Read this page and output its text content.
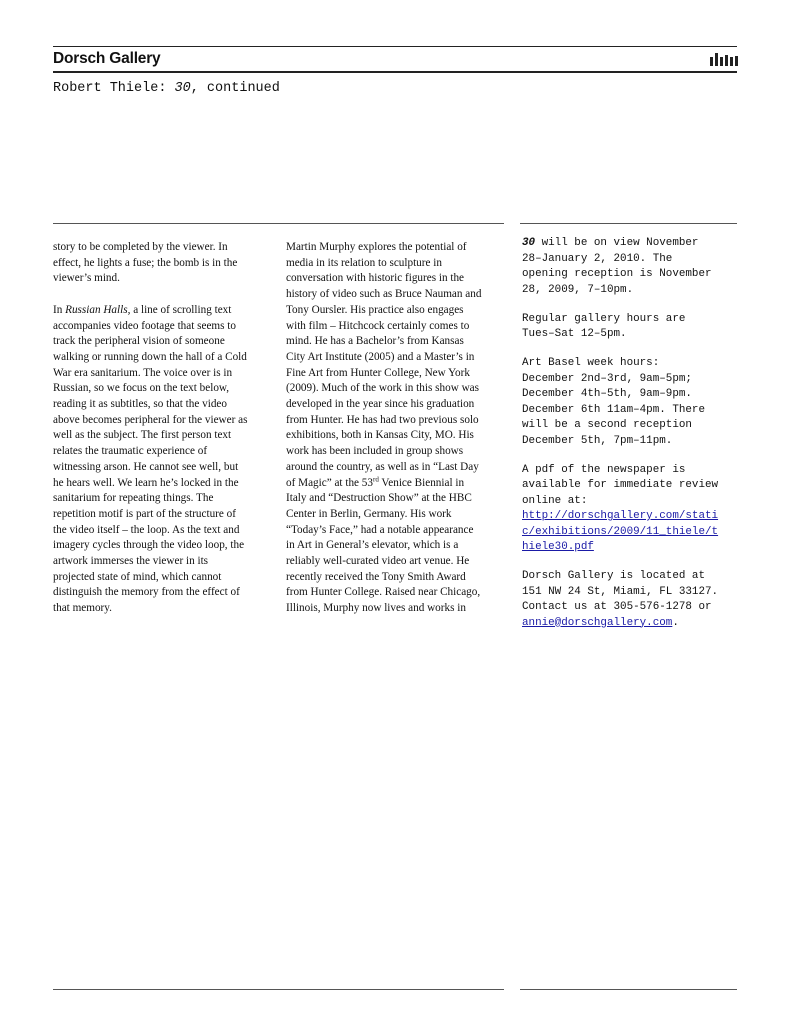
Dorsch Gallery
Robert Thiele: 30, continued

story to be completed by the viewer. In
effect, he lights a fuse; the bomb is in the
viewer’s mind.

In Russian Halls, a line of scrolling text
accompanies video footage that seems to
track the peripheral vision of someone
walking or running down the hall of a Cold
War era sanitarium. The voice over is in
Russian, so we focus on the text below,
reading it as subtitles, so that the video
above becomes peripheral for the viewer as
well as the subject. The first person text
relates the traumatic experience of
witnessing arson. He cannot see well, but
he hears well. We learn he’s locked in the
sanitarium for repeating things. The
repetition motif is part of the structure of
the video itself – the loop. As the text and
imagery cycles through the video loop, the
artwork immerses the viewer in its
projected state of mind, which cannot
distinguish the memory from the effect of
that memory.

Martin Murphy explores the potential of
media in its relation to sculpture in
conversation with historic figures in the
history of video such as Bruce Nauman and
Tony Oursler. His practice also engages
with film – Hitchcock certainly comes to
mind. He has a Bachelor’s from Kansas
City Art Institute (2005) and a Master’s in
Fine Art from Hunter College, New York
(2009). Much of the work in this show was
developed in the year since his graduation
from Hunter. He has had two previous solo
exhibitions, both in Kansas City, MO. His
work has been included in group shows
around the country, as well as in “Last Day
of Magic” at the 53rd Venice Biennial in
Italy and “Destruction Show” at the HBC
Center in Berlin, Germany. His work
“Today’s Face,” had a notable appearance
in Art in General’s elevator, which is a
reliably well-curated video art venue. He
recently received the Tony Smith Award
from Hunter College. Raised near Chicago,
Illinois, Murphy now lives and works in

30 will be on view November
28–January 2, 2010. The
opening reception is November
28, 2009, 7–10pm.

Regular gallery hours are
Tues–Sat 12–5pm.

Art Basel week hours:
December 2nd–3rd, 9am–5pm;
December 4th–5th, 9am–9pm.
December 6th 11am–4pm. There
will be a second reception
December 5th, 7pm–11pm.

A pdf of the newspaper is
available for immediate review
online at:
http://dorschgallery.com/stati
c/exhibitions/2009/11_thiele/t
hiele30.pdf

Dorsch Gallery is located at
151 NW 24 St, Miami, FL 33127.
Contact us at 305-576-1278 or
annie@dorschgallery.com.
